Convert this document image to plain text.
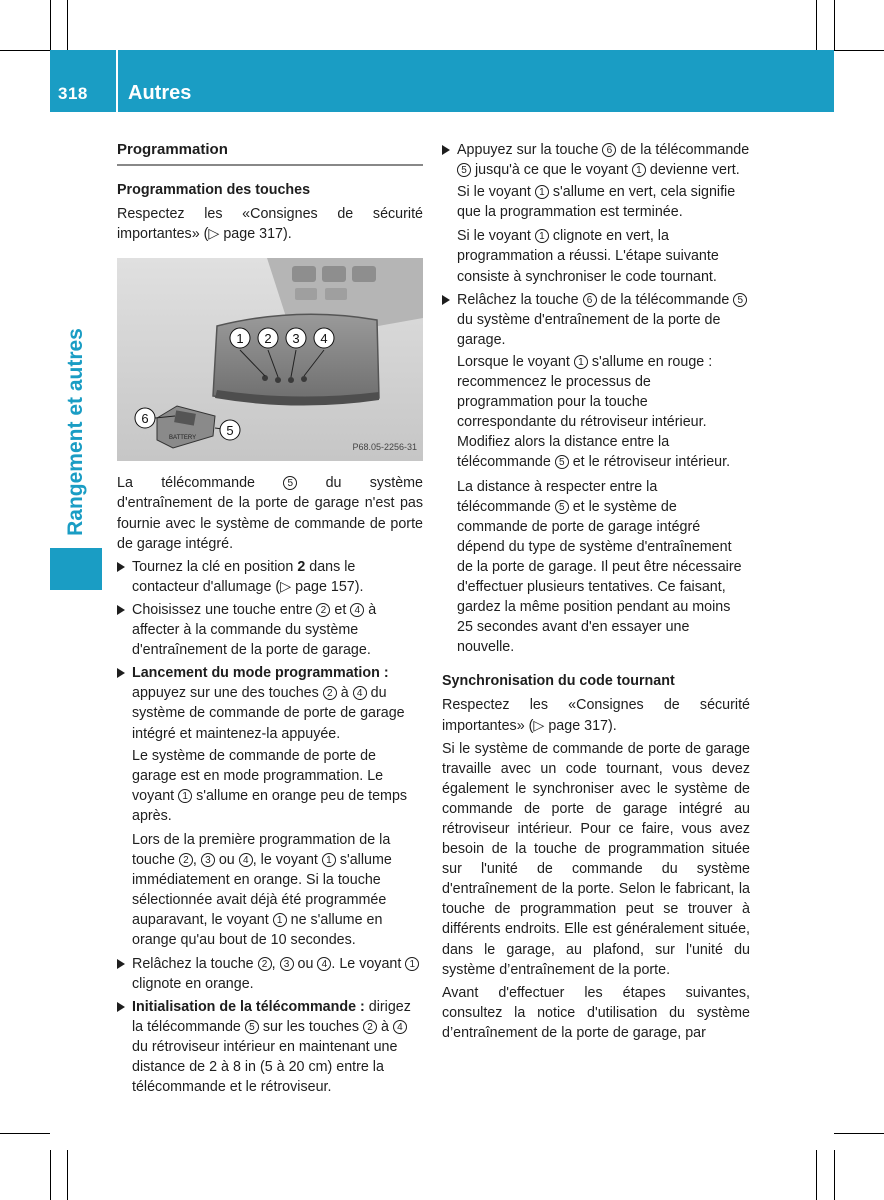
318	Autres
Rangement et autres
Programmation
Programmation des touches

Respectez les «Consignes de sécurité importantes» (▷ page 317).

BATTERY
1 2 3 4
5
6
P68.05-2256-31

La télécommande 5 du système d'entraînement de la porte de garage n'est pas fournie avec le système de commande de porte de garage intégré.

Tournez la clé en position 2 dans le contacteur d'allumage (▷ page 157).
Choisissez une touche entre 2 et 4 à affecter à la commande du système d'entraînement de la porte de garage.
Lancement du mode programmation : appuyez sur une des touches 2 à 4 du système de commande de porte de garage intégré et maintenez-la appuyée.
Le système de commande de porte de garage est en mode programmation. Le voyant 1 s'allume en orange peu de temps après.
Lors de la première programmation de la touche 2 , 3 ou 4 , le voyant 1 s'allume immédiatement en orange. Si la touche sélectionnée avait déjà été programmée auparavant, le voyant 1 ne s'allume en orange qu'au bout de 10 secondes.
Relâchez la touche 2 , 3 ou 4 . Le voyant 1 clignote en orange.
Initialisation de la télécommande : dirigez la télécommande 5 sur les touches 2 à 4 du rétroviseur intérieur en maintenant une distance de 2 à 8 in (5 à 20 cm) entre la télécommande et le rétroviseur.
Appuyez sur la touche 6 de la télécommande 5 jusqu'à ce que le voyant 1 devienne vert.
Si le voyant 1 s'allume en vert, cela signifie que la programmation est terminée.
Si le voyant 1 clignote en vert, la programmation a réussi. L'étape suivante consiste à synchroniser le code tournant.
Relâchez la touche 6 de la télécommande 5 du système d'entraînement de la porte de garage.
Lorsque le voyant 1 s'allume en rouge : recommencez le processus de programmation pour la touche correspondante du rétroviseur intérieur. Modifiez alors la distance entre la télécommande 5 et le rétroviseur intérieur.
La distance à respecter entre la télécommande 5 et le système de commande de porte de garage intégré dépend du type de système d'entraînement de la porte de garage. Il peut être nécessaire d'effectuer plusieurs tentatives. Ce faisant, gardez la même position pendant au moins 25 secondes avant d'en essayer une nouvelle.
Synchronisation du code tournant

Respectez les «Consignes de sécurité importantes» (▷ page 317).

Si le système de commande de porte de garage travaille avec un code tournant, vous devez également le synchroniser avec le système de commande de porte de garage intégré au rétroviseur intérieur. Pour ce faire, vous avez besoin de la touche de programmation située sur l'unité de commande du système d'entraînement de la porte. Selon le fabricant, la touche de programmation peut se trouver à différents endroits. Elle est généralement située, dans le garage, au plafond, sur l'unité du système d’entraînement de la porte.

Avant d'effectuer les étapes suivantes, consultez la notice d'utilisation du système d’entraînement de la porte de garage, par
